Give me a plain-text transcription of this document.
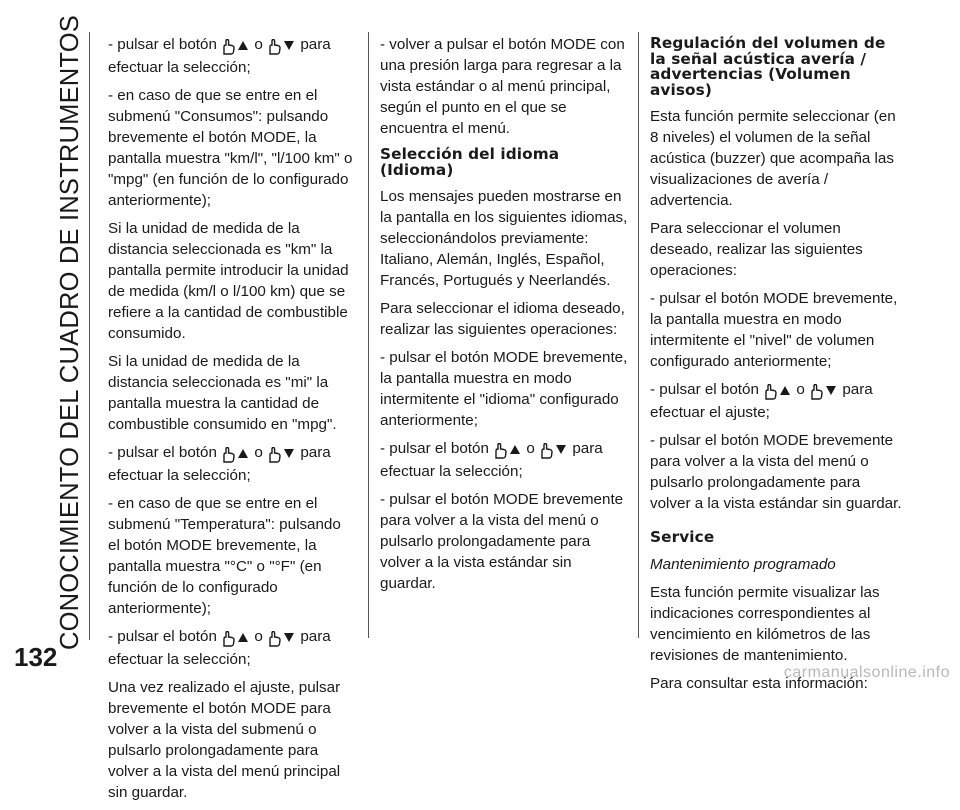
CONOCIMIENTO DEL CUADRO DE INSTRUMENTOS
132

- pulsar el botón o para
efectuar la selección;

- en caso de que se entre en el submenú "Consumos": pulsando brevemente el botón MODE, la pantalla muestra "km/l", "l/100 km" o "mpg" (en función de lo configurado anteriormente);

Si la unidad de medida de la distancia seleccionada es "km" la pantalla permite introducir la unidad de medida (km/l o l/100 km) que se refiere a la cantidad de combustible consumido.

Si la unidad de medida de la distancia seleccionada es "mi" la pantalla muestra la cantidad de combustible consumido en "mpg".

- pulsar el botón o para
efectuar la selección;

- en caso de que se entre en el submenú "Temperatura": pulsando el botón MODE brevemente, la pantalla muestra "°C" o "°F" (en función de lo configurado anteriormente);

- pulsar el botón o para
efectuar la selección;

Una vez realizado el ajuste, pulsar brevemente el botón MODE para volver a la vista del submenú o pulsarlo prolongadamente para volver a la vista del menú principal sin guardar.

- volver a pulsar el botón MODE con una presión larga para regresar a la vista estándar o al menú principal, según el punto en el que se encuentra el menú.

Selección del idioma (Idioma)

Los mensajes pueden mostrarse en la pantalla en los siguientes idiomas, seleccionándolos previamente: Italiano, Alemán, Inglés, Español, Francés, Portugués y Neerlandés.

Para seleccionar el idioma deseado, realizar las siguientes operaciones:

- pulsar el botón MODE brevemente, la pantalla muestra en modo intermitente el "idioma" configurado anteriormente;

- pulsar el botón o para
efectuar la selección;

- pulsar el botón MODE brevemente para volver a la vista del menú o pulsarlo prolongadamente para volver a la vista estándar sin guardar.

Regulación del volumen de la señal acústica avería / advertencias (Volumen avisos)

Esta función permite seleccionar (en 8 niveles) el volumen de la señal acústica (buzzer) que acompaña las visualizaciones de avería / advertencia.

Para seleccionar el volumen deseado, realizar las siguientes operaciones:

- pulsar el botón MODE brevemente, la pantalla muestra en modo intermitente el "nivel" de volumen configurado anteriormente;

- pulsar el botón o para
efectuar el ajuste;

- pulsar el botón MODE brevemente para volver a la vista del menú o pulsarlo prolongadamente para volver a la vista estándar sin guardar.

Service

Mantenimiento programado

Esta función permite visualizar las indicaciones correspondientes al vencimiento en kilómetros de las revisiones de mantenimiento.

Para consultar esta información:

carmanualsonline.info
